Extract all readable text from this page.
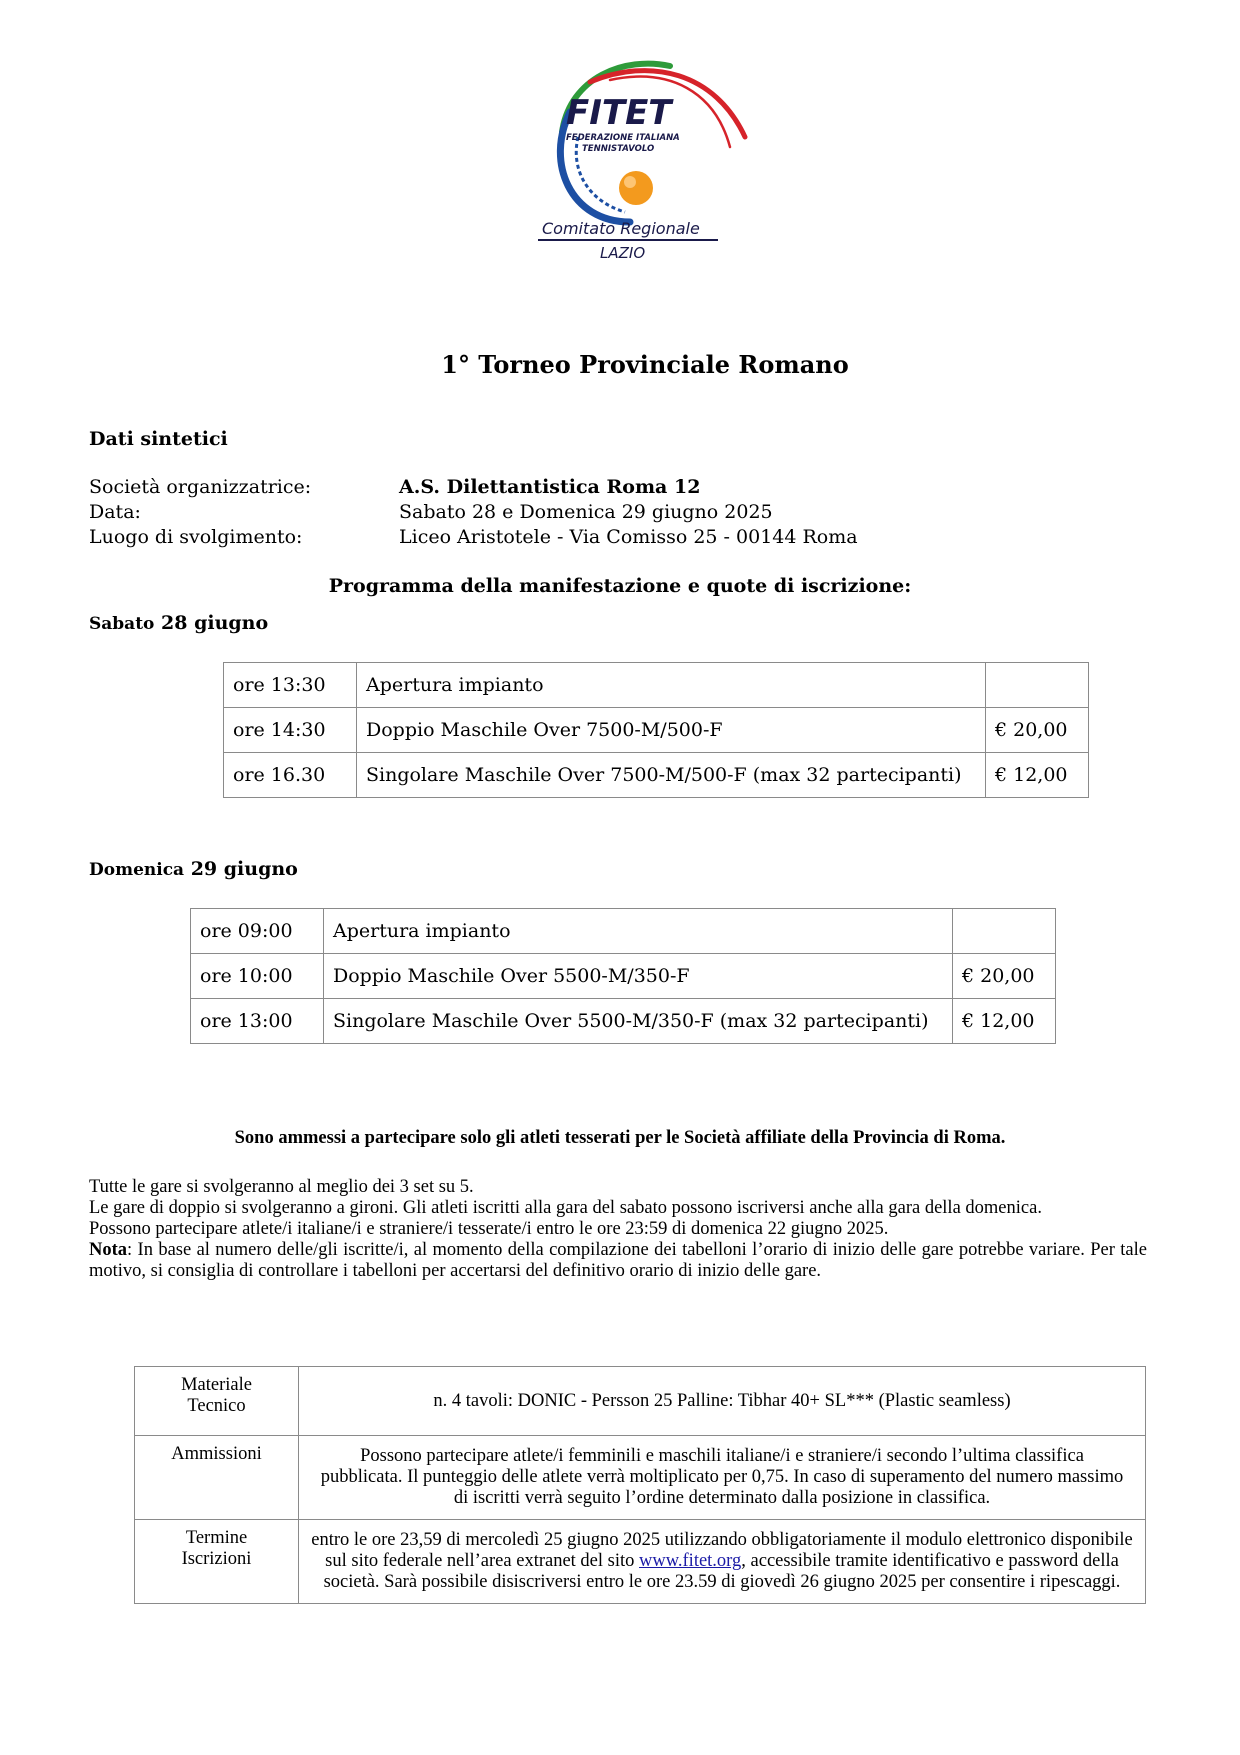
FITET
FEDERAZIONE ITALIANA
TENNISTAVOLO
Comitato Regionale
LAZIO
1° Torneo Provinciale Romano
Dati sintetici
Società organizzatrice:	A.S. Dilettantistica Roma 12
Data:	Sabato 28 e Domenica 29 giugno 2025
Luogo di svolgimento:	Liceo Aristotele - Via Comisso 25 - 00144 Roma
Programma della manifestazione e quote di iscrizione:
Sabato 28 giugno
ore 13:30	Apertura impianto	
ore 14:30	Doppio Maschile Over 7500-M/500-F	€ 20,00
ore 16.30	Singolare Maschile Over 7500-M/500-F (max 32 partecipanti)	€ 12,00
Domenica 29 giugno
ore 09:00	Apertura impianto	
ore 10:00	Doppio Maschile Over 5500-M/350-F	€ 20,00
ore 13:00	Singolare Maschile Over 5500-M/350-F (max 32 partecipanti)	€ 12,00
Sono ammessi a partecipare solo gli atleti tesserati per le Società affiliate della Provincia di Roma.

Tutte le gare si svolgeranno al meglio dei 3 set su 5.

Le gare di doppio si svolgeranno a gironi. Gli atleti iscritti alla gara del sabato possono iscriversi anche alla gara della domenica.

Possono partecipare atlete/i italiane/i e straniere/i tesserate/i entro le ore 23:59 di domenica 22 giugno 2025.

Nota: In base al numero delle/gli iscritte/i, al momento della compilazione dei tabelloni l’orario di inizio delle gare potrebbe variare. Per tale motivo, si consiglia di controllare i tabelloni per accertarsi del definitivo orario di inizio delle gare.

Materiale
Tecnico	n. 4 tavoli: DONIC - Persson 25 Palline: Tibhar 40+ SL*** (Plastic seamless)
Ammissioni	Possono partecipare atlete/i femminili e maschili italiane/i e straniere/i secondo l’ultima classifica pubblicata. Il punteggio delle atlete verrà moltiplicato per 0,75. In caso di superamento del numero massimo di iscritti verrà seguito l’ordine determinato dalla posizione in classifica.

Termine
Iscrizioni	entro le ore 23,59 di mercoledì 25 giugno 2025 utilizzando obbligatoriamente il modulo elettronico disponibile sul sito federale nell’area extranet del sito www.fitet.org, accessibile tramite identificativo e password della società. Sarà possibile disiscriversi entro le ore 23.59 di giovedì 26 giugno 2025 per consentire i ripescaggi.
